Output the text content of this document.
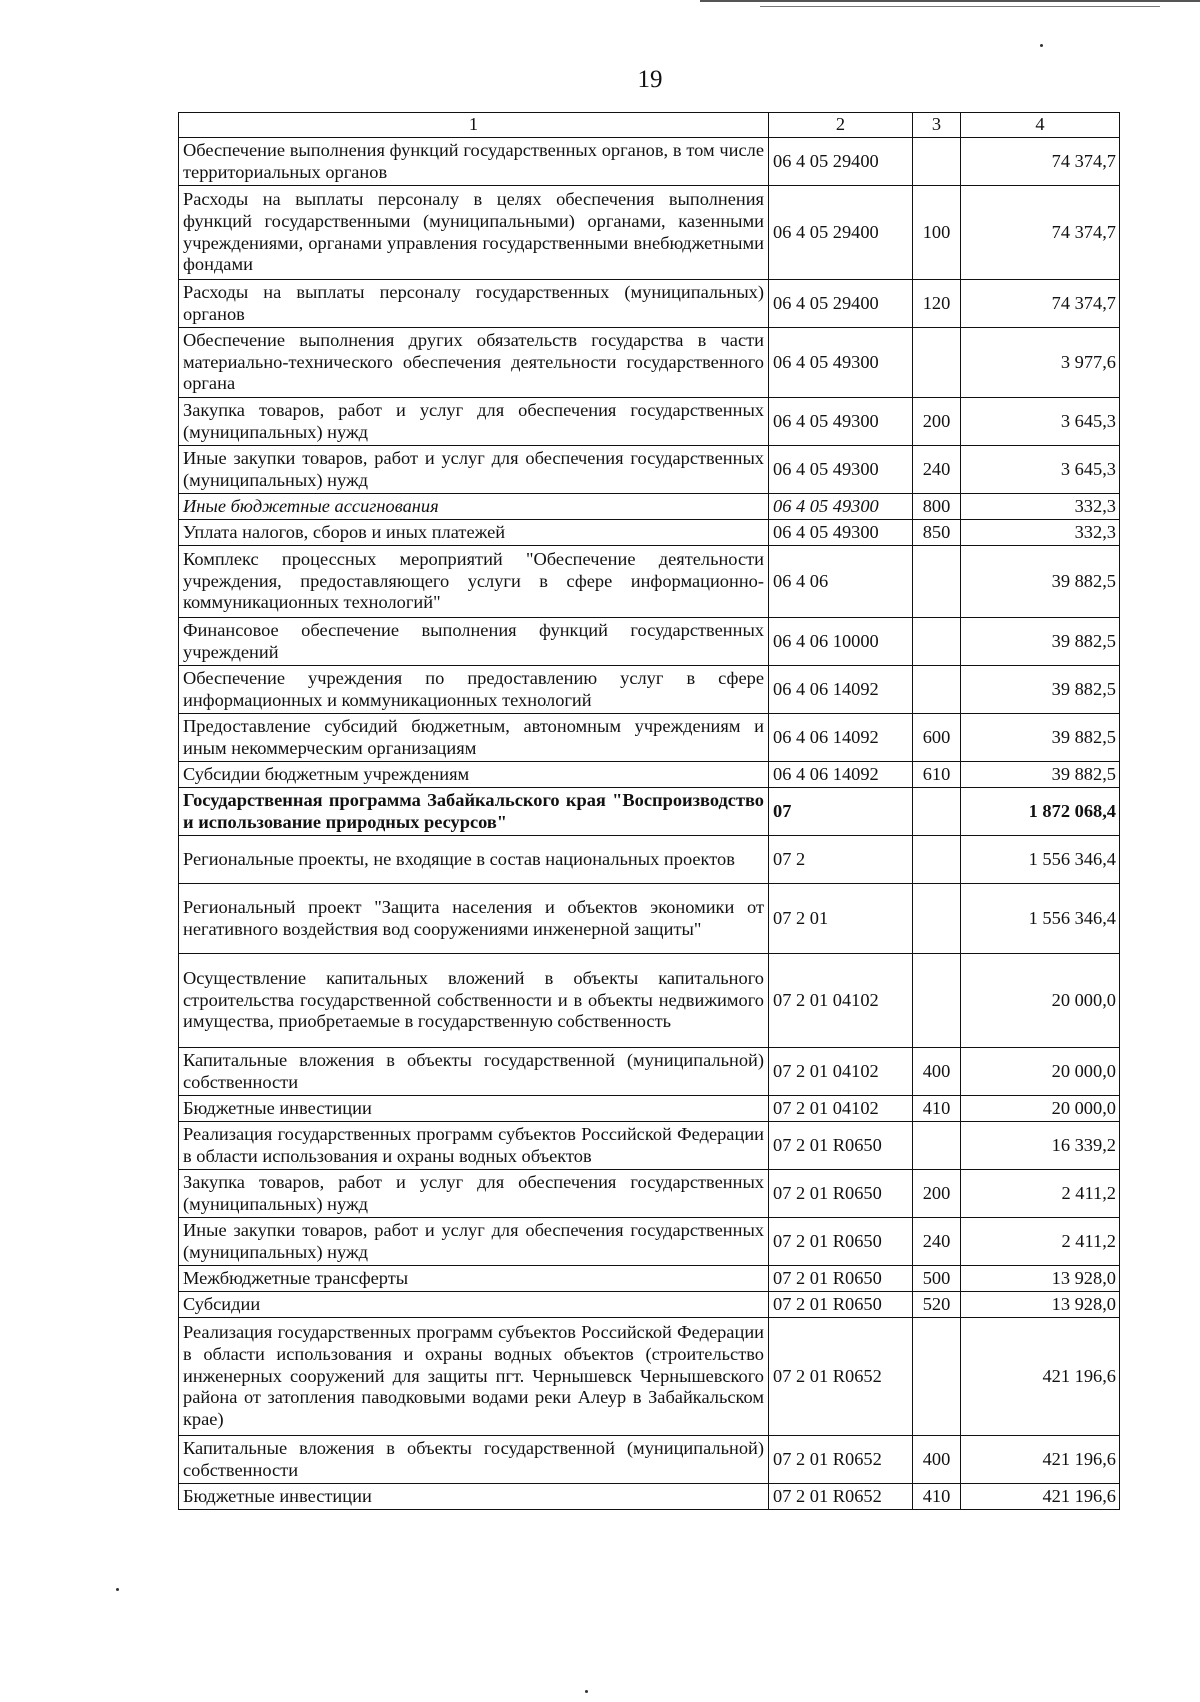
19
1	2	3	4
Обеспечение выполнения функций государственных органов, в том числе территориальных органов	06 4 05 29400		74 374,7
Расходы на выплаты персоналу в целях обеспечения выполнения функций государственными (муниципальными) органами, казенными учреждениями, органами управления государственными внебюджетными фондами	06 4 05 29400	100	74 374,7
Расходы на выплаты персоналу государственных (муниципальных) органов	06 4 05 29400	120	74 374,7
Обеспечение выполнения других обязательств государства в части материально-технического обеспечения деятельности государственного органа	06 4 05 49300		3 977,6
Закупка товаров, работ и услуг для обеспечения государственных (муниципальных) нужд	06 4 05 49300	200	3 645,3
Иные закупки товаров, работ и услуг для обеспечения государственных (муниципальных) нужд	06 4 05 49300	240	3 645,3
Иные бюджетные ассигнования	06 4 05 49300	800	332,3
Уплата налогов, сборов и иных платежей	06 4 05 49300	850	332,3
Комплекс процессных мероприятий "Обеспечение деятельности учреждения, предоставляющего услуги в сфере информационно-коммуникационных технологий"	06 4 06		39 882,5
Финансовое обеспечение выполнения функций государственных учреждений	06 4 06 10000		39 882,5
Обеспечение учреждения по предоставлению услуг в сфере информационных и коммуникационных технологий	06 4 06 14092		39 882,5
Предоставление субсидий бюджетным, автономным учреждениям и иным некоммерческим организациям	06 4 06 14092	600	39 882,5
Субсидии бюджетным учреждениям	06 4 06 14092	610	39 882,5
Государственная программа Забайкальского края "Воспроизводство и использование природных ресурсов"	07		1 872 068,4
Региональные проекты, не входящие в состав национальных проектов	07 2		1 556 346,4
Региональный проект "Защита населения и объектов экономики от негативного воздействия вод сооружениями инженерной защиты"	07 2 01		1 556 346,4
Осуществление капитальных вложений в объекты капитального строительства государственной собственности и в объекты недвижимого имущества, приобретаемые в государственную собственность	07 2 01 04102		20 000,0
Капитальные вложения в объекты государственной (муниципальной) собственности	07 2 01 04102	400	20 000,0
Бюджетные инвестиции	07 2 01 04102	410	20 000,0
Реализация государственных программ субъектов Российской Федерации в области использования и охраны водных объектов	07 2 01 R0650		16 339,2
Закупка товаров, работ и услуг для обеспечения государственных (муниципальных) нужд	07 2 01 R0650	200	2 411,2
Иные закупки товаров, работ и услуг для обеспечения государственных (муниципальных) нужд	07 2 01 R0650	240	2 411,2
Межбюджетные трансферты	07 2 01 R0650	500	13 928,0
Субсидии	07 2 01 R0650	520	13 928,0
Реализация государственных программ субъектов Российской Федерации в области использования и охраны водных объектов (строительство инженерных сооружений для защиты пгт. Чернышевск Чернышевского района от затопления паводковыми водами реки Алеур в Забайкальском крае)	07 2 01 R0652		421 196,6
Капитальные вложения в объекты государственной (муниципальной) собственности	07 2 01 R0652	400	421 196,6
Бюджетные инвестиции	07 2 01 R0652	410	421 196,6
